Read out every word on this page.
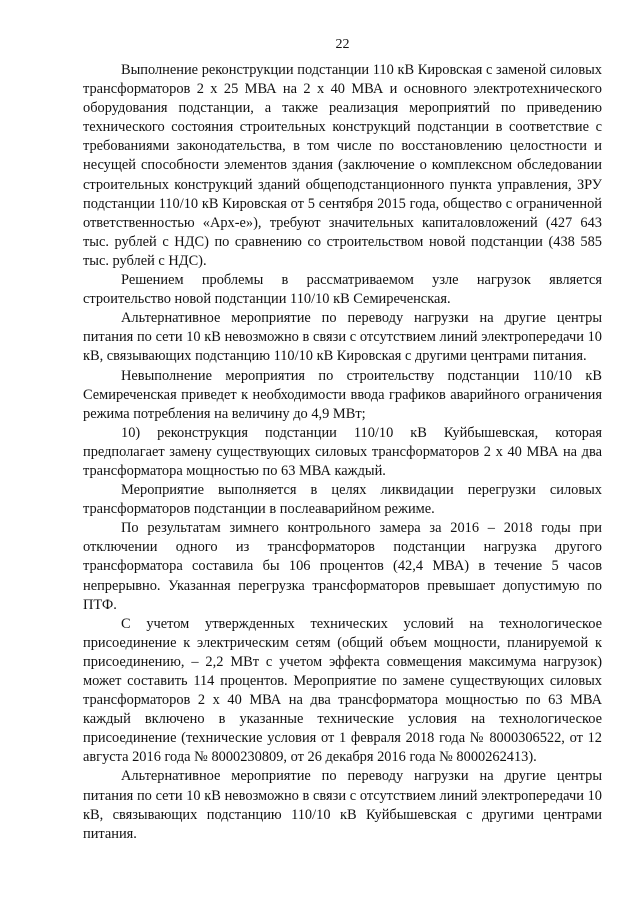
22

Выполнение реконструкции подстанции 110 кВ Кировская с заменой силовых трансформаторов 2 х 25 МВА на 2 х 40 МВА и основного электротехнического оборудования подстанции, а также реализация мероприятий по приведению технического состояния строительных конструкций подстанции в соответствие с требованиями законодательства, в том числе по восстановлению целостности и несущей способности элементов здания (заключение о комплексном обследовании строительных конструкций зданий общеподстанционного пункта управления, ЗРУ подстанции 110/10 кВ Кировская от 5 сентября 2015 года, общество с ограниченной ответственностью «Арх-е»), требуют значительных капиталовложений (427 643 тыс. рублей с НДС) по сравнению со строительством новой подстанции (438 585 тыс. рублей с НДС).

Решением проблемы в рассматриваемом узле нагрузок является строительство новой подстанции 110/10 кВ Семиреченская.

Альтернативное мероприятие по переводу нагрузки на другие центры питания по сети 10 кВ невозможно в связи с отсутствием линий электропередачи 10 кВ, связывающих подстанцию 110/10 кВ Кировская с другими центрами питания.

Невыполнение мероприятия по строительству подстанции 110/10 кВ Семиреченская приведет к необходимости ввода графиков аварийного ограничения режима потребления на величину до 4,9 МВт;

10) реконструкция подстанции 110/10 кВ Куйбышевская, которая предполагает замену существующих силовых трансформаторов 2 х 40 МВА на два трансформатора мощностью по 63 МВА каждый.

Мероприятие выполняется в целях ликвидации перегрузки силовых трансформаторов подстанции в послеаварийном режиме.

По результатам зимнего контрольного замера за 2016 – 2018 годы при отключении одного из трансформаторов подстанции нагрузка другого трансформатора составила бы 106 процентов (42,4 МВА) в течение 5 часов непрерывно. Указанная перегрузка трансформаторов превышает допустимую по ПТФ.

С учетом утвержденных технических условий на технологическое присоединение к электрическим сетям (общий объем мощности, планируемой к присоединению, – 2,2 МВт с учетом эффекта совмещения максимума нагрузок) может составить 114 процентов. Мероприятие по замене существующих силовых трансформаторов 2 х 40 МВА на два трансформатора мощностью по 63 МВА каждый включено в указанные технические условия на технологическое присоединение (технические условия от 1 февраля 2018 года № 8000306522, от 12 августа 2016 года № 8000230809, от 26 декабря 2016 года № 8000262413).

Альтернативное мероприятие по переводу нагрузки на другие центры питания по сети 10 кВ невозможно в связи с отсутствием линий электропередачи 10 кВ, связывающих подстанцию 110/10 кВ Куйбышевская с другими центрами питания.
